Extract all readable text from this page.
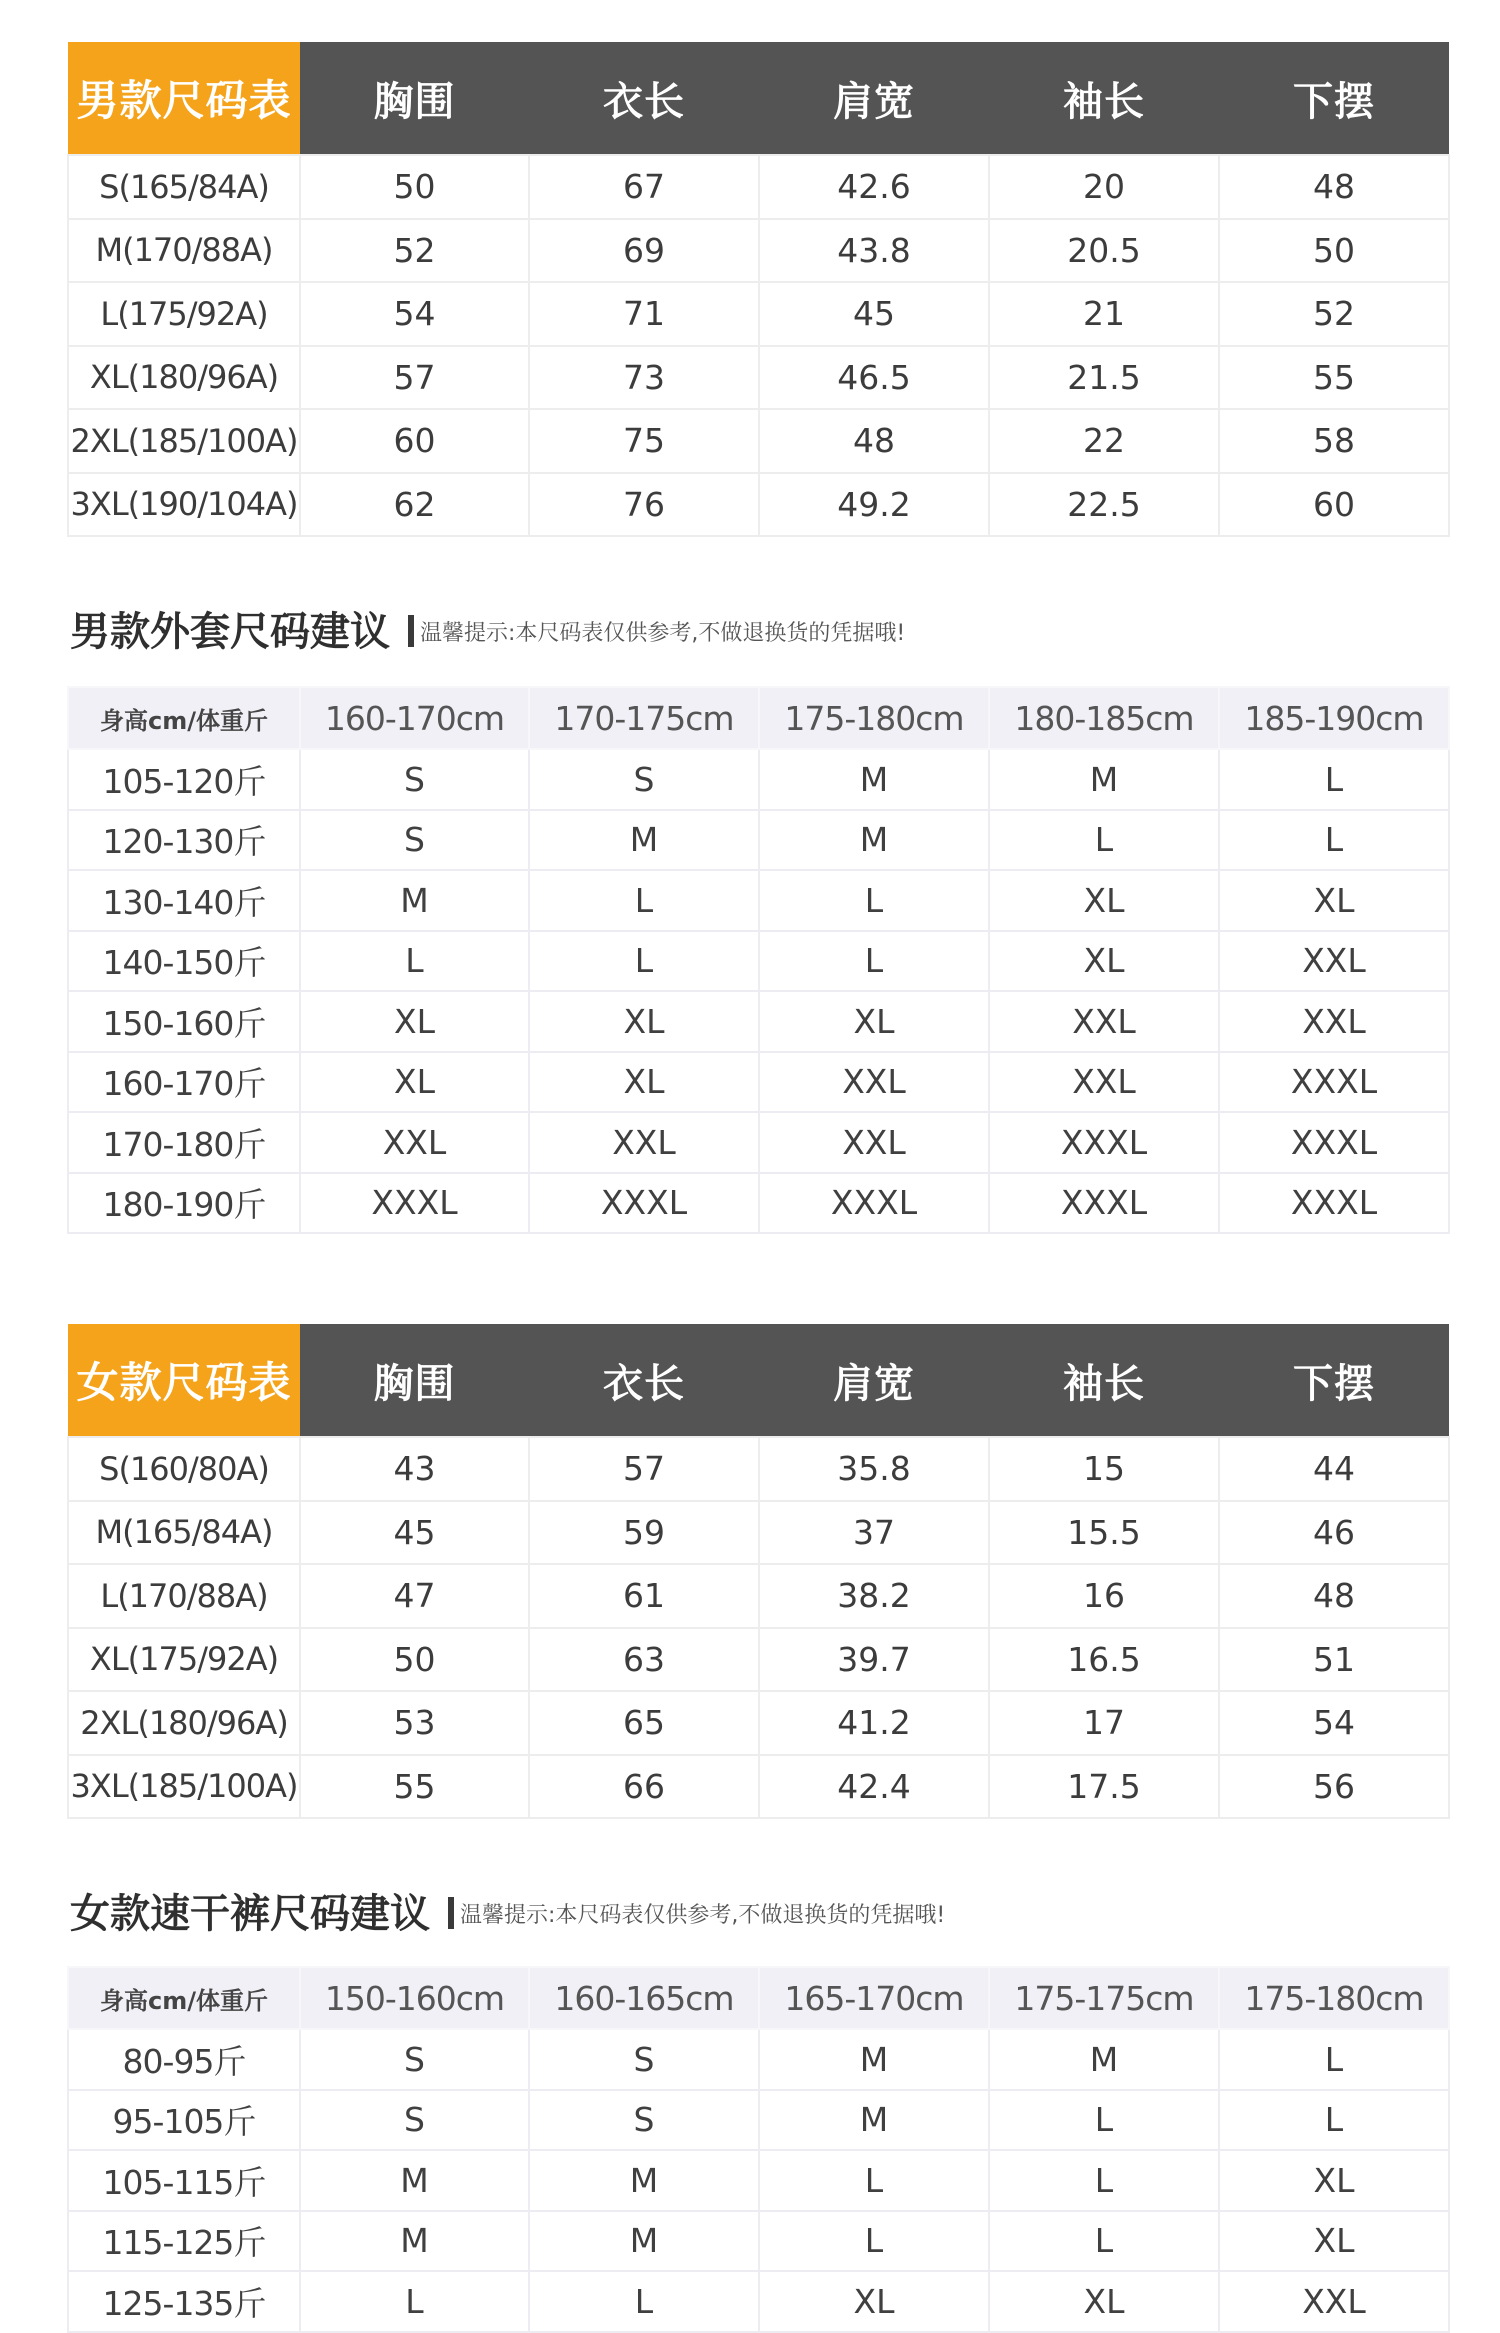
男款尺码表	胸围	衣长	肩宽	袖长	下摆
S(165/84A)	50	67	42.6	20	48
M(170/88A)	52	69	43.8	20.5	50
L(175/92A)	54	71	45	21	52
XL(180/96A)	57	73	46.5	21.5	55
2XL(185/100A)	60	75	48	22	58
3XL(190/104A)	62	76	49.2	22.5	60
男款外套尺码建议 温馨提示:本尺码表仅供参考,不做退换货的凭据哦!
身高cm/体重斤	160-170cm	170-175cm	175-180cm	180-185cm	185-190cm
105-120斤	S	S	M	M	L
120-130斤	S	M	M	L	L
130-140斤	M	L	L	XL	XL
140-150斤	L	L	L	XL	XXL
150-160斤	XL	XL	XL	XXL	XXL
160-170斤	XL	XL	XXL	XXL	XXXL
170-180斤	XXL	XXL	XXL	XXXL	XXXL
180-190斤	XXXL	XXXL	XXXL	XXXL	XXXL
女款尺码表	胸围	衣长	肩宽	袖长	下摆
S(160/80A)	43	57	35.8	15	44
M(165/84A)	45	59	37	15.5	46
L(170/88A)	47	61	38.2	16	48
XL(175/92A)	50	63	39.7	16.5	51
2XL(180/96A)	53	65	41.2	17	54
3XL(185/100A)	55	66	42.4	17.5	56
女款速干裤尺码建议 温馨提示:本尺码表仅供参考,不做退换货的凭据哦!
身高cm/体重斤	150-160cm	160-165cm	165-170cm	175-175cm	175-180cm
80-95斤	S	S	M	M	L
95-105斤	S	S	M	L	L
105-115斤	M	M	L	L	XL
115-125斤	M	M	L	L	XL
125-135斤	L	L	XL	XL	XXL
